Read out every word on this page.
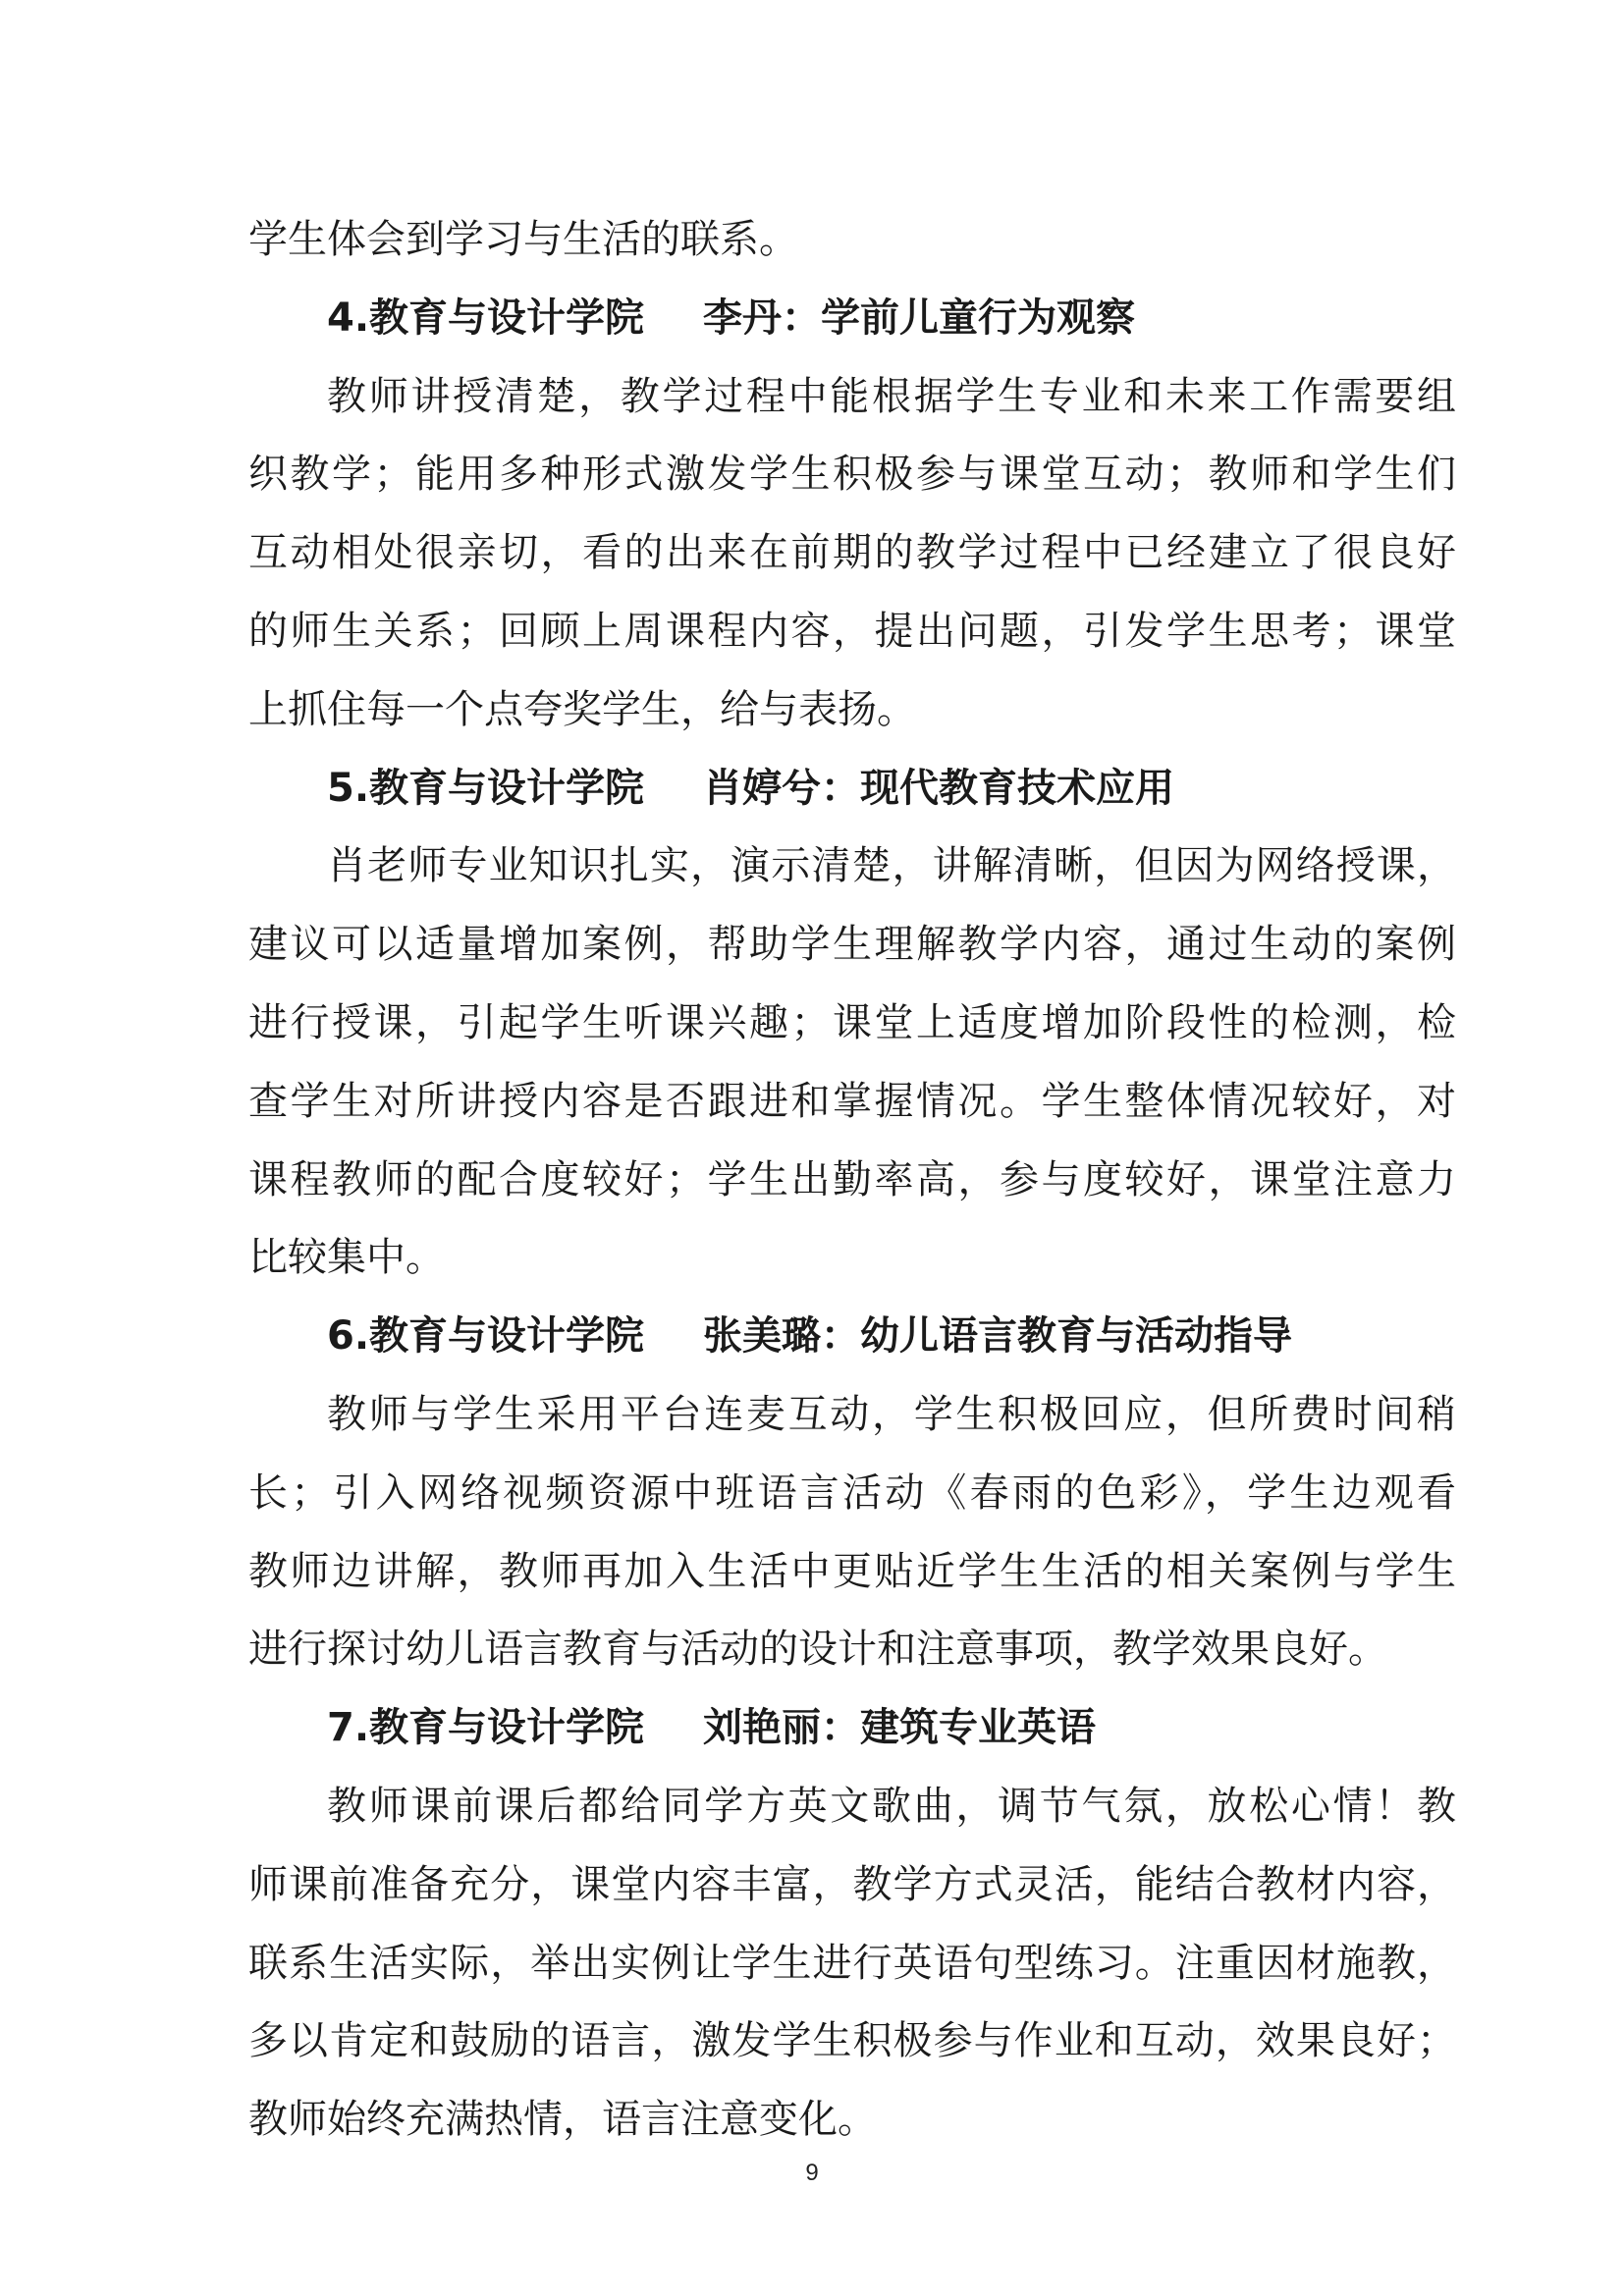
学生体会到学习与生活的联系。
4.教育与设计学院 李丹：学前儿童行为观察
教师讲授清楚，教学过程中能根据学生专业和未来工作需要组
织教学；能用多种形式激发学生积极参与课堂互动；教师和学生们
互动相处很亲切，看的出来在前期的教学过程中已经建立了很良好
的师生关系；回顾上周课程内容，提出问题，引发学生思考；课堂
上抓住每一个点夸奖学生，给与表扬。
5.教育与设计学院 肖婷兮：现代教育技术应用
肖老师专业知识扎实，演示清楚，讲解清晰，但因为网络授课，
建议可以适量增加案例，帮助学生理解教学内容，通过生动的案例
进行授课，引起学生听课兴趣；课堂上适度增加阶段性的检测，检
查学生对所讲授内容是否跟进和掌握情况。学生整体情况较好，对
课程教师的配合度较好；学生出勤率高，参与度较好，课堂注意力
比较集中。
6.教育与设计学院 张美璐：幼儿语言教育与活动指导
教师与学生采用平台连麦互动，学生积极回应，但所费时间稍
长；引入网络视频资源中班语言活动《春雨的色彩》，学生边观看
教师边讲解，教师再加入生活中更贴近学生生活的相关案例与学生
进行探讨幼儿语言教育与活动的设计和注意事项，教学效果良好。
7.教育与设计学院 刘艳丽：建筑专业英语
教师课前课后都给同学方英文歌曲，调节气氛，放松心情！教
师课前准备充分，课堂内容丰富，教学方式灵活，能结合教材内容，
联系生活实际，举出实例让学生进行英语句型练习。注重因材施教，
多以肯定和鼓励的语言，激发学生积极参与作业和互动，效果良好；
教师始终充满热情，语言注意变化。
9
